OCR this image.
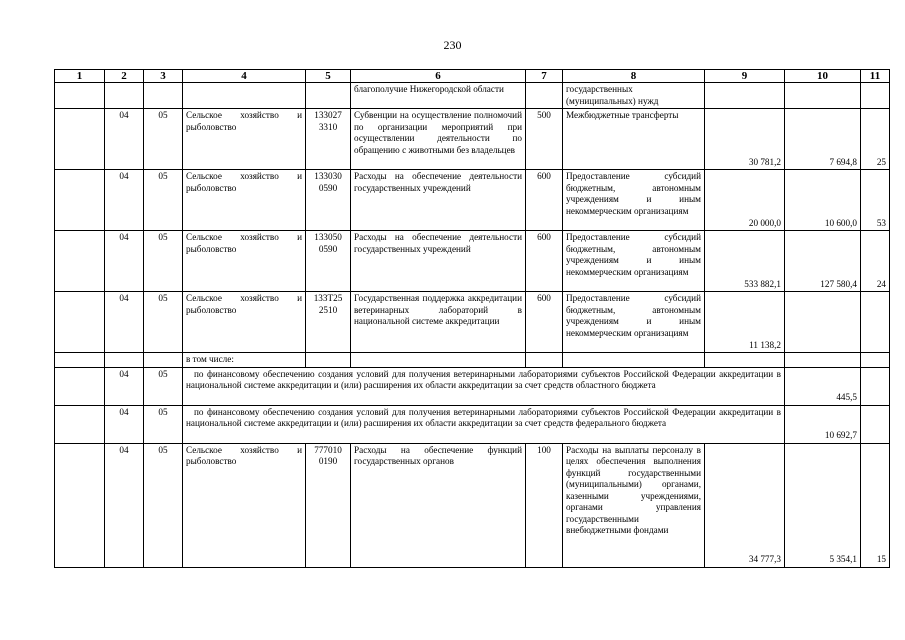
230
1	2	3	4	5	6	7	8	9	10	11	
					благополучие Нижегородской области		государственных (муниципальных) нужд				
	04	05	Сельское хозяйство и рыболовство	133027 3310	Субвенции на осуществление полномочий по организации мероприятий при осуществлении деятельности по обращению с животными без владельцев	500	Межбюджетные трансферты	30 781,2	7 694,8	25	
	04	05	Сельское хозяйство и рыболовство	133030 0590	Расходы на обеспечение деятельности государственных учреждений	600	Предоставление субсидий бюджетным, автономным учреждениям и иным некоммерческим организациям	20 000,0	10 600,0	53	
	04	05	Сельское хозяйство и рыболовство	133050 0590	Расходы на обеспечение деятельности государственных учреждений	600	Предоставление субсидий бюджетным, автономным учреждениям и иным некоммерческим организациям	533 882,1	127 580,4	24	
	04	05	Сельское хозяйство и рыболовство	133Т25 2510	Государственная поддержка аккредитации ветеринарных лабораторий в национальной системе аккредитации	600	Предоставление субсидий бюджетным, автономным учреждениям и иным некоммерческим организациям	11 138,2			
			в том числе:								
	04	05	по финансовому обеспечению создания условий для получения ветеринарными лабораториями субъектов Российской Федерации аккредитации в национальной системе аккредитации и (или) расширения их области аккредитации за счет средств областного бюджета						445,5		
	04	05	по финансовому обеспечению создания условий для получения ветеринарными лабораториями субъектов Российской Федерации аккредитации в национальной системе аккредитации и (или) расширения их области аккредитации за счет средств федерального бюджета						10 692,7		
	04	05	Сельское хозяйство и рыболовство	777010 0190	Расходы на обеспечение функций государственных органов	100	Расходы на выплаты персоналу в целях обеспечения выполнения функций государственными (муниципальными) органами, казенными учреждениями, органами управления государственными внебюджетными фондами	34 777,3	5 354,1	15	
